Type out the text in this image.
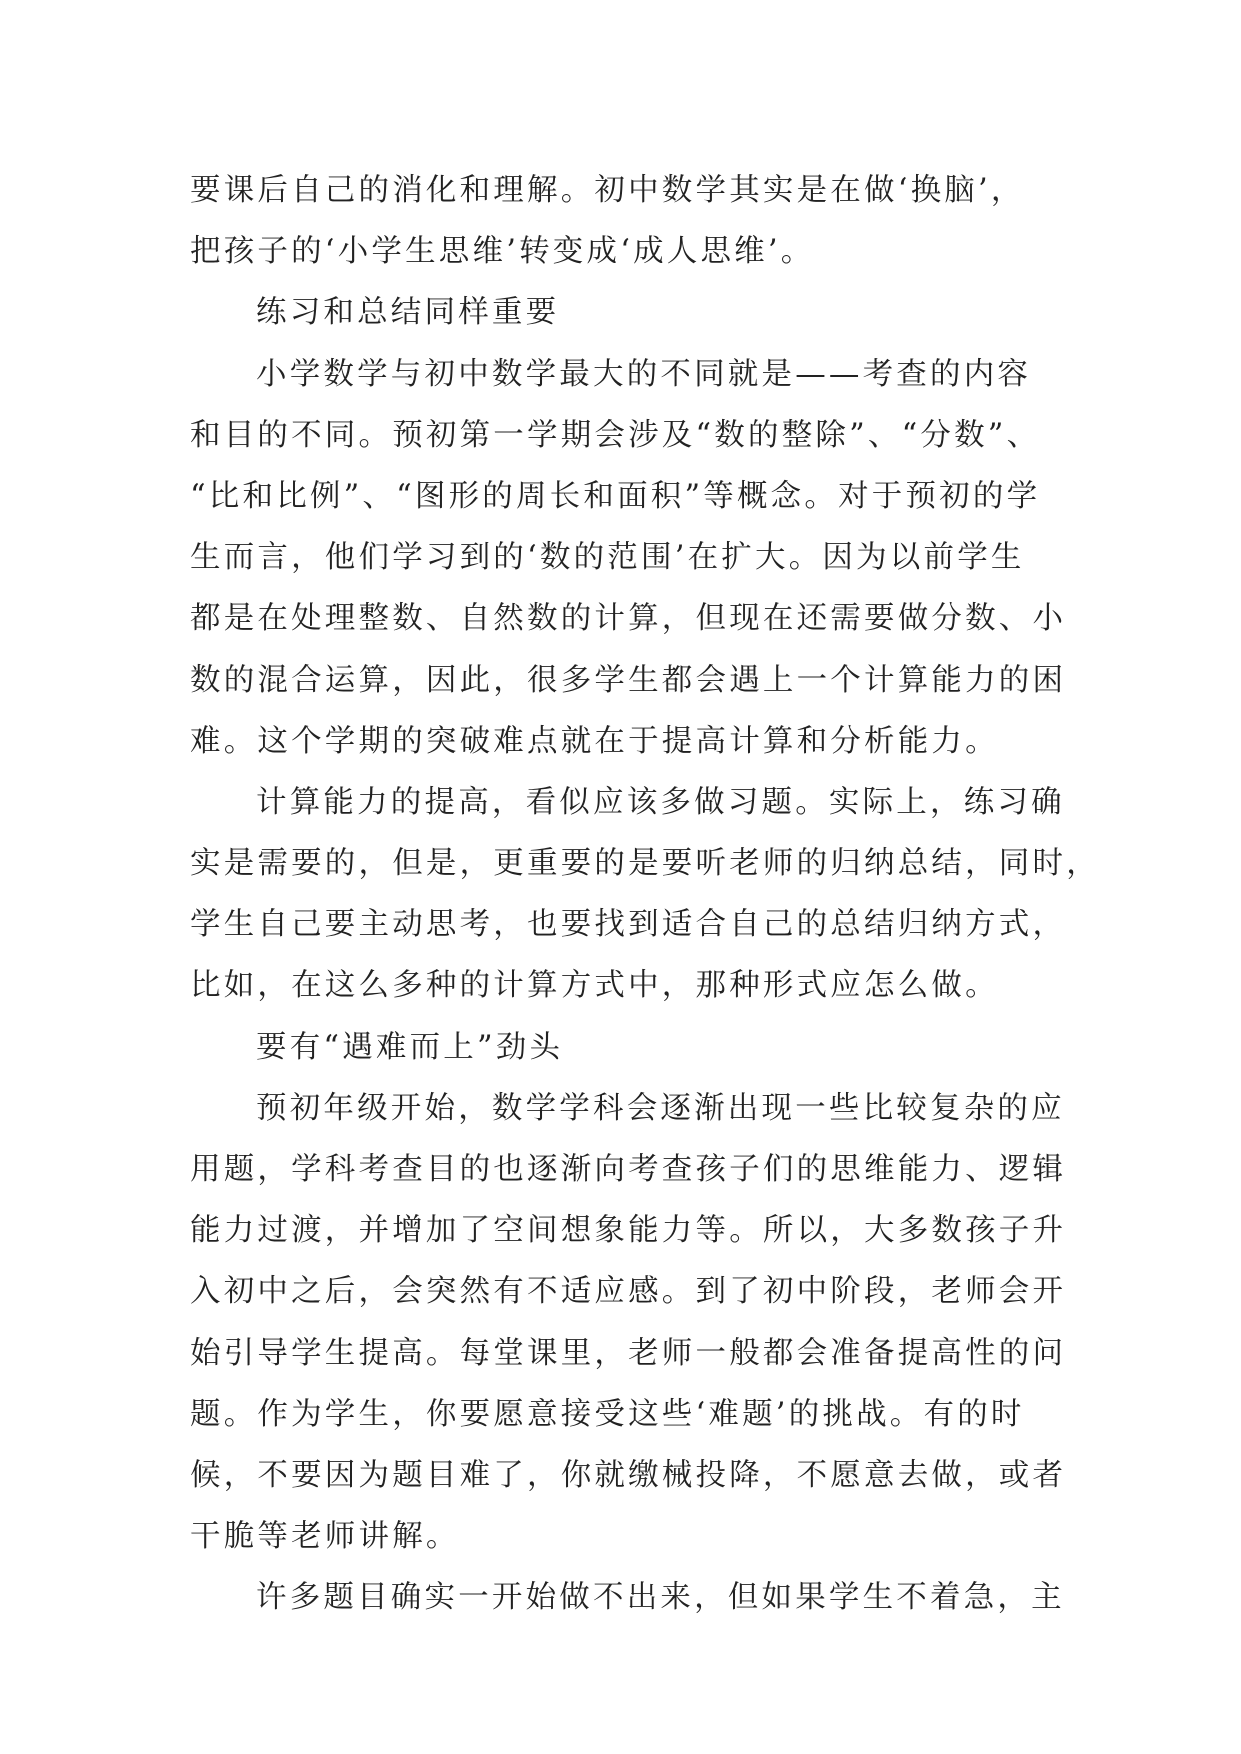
要课后自己的消化和理解。初中数学其实是在做‘换脑’，
把孩子的‘小学生思维’转变成‘成人思维’。
练习和总结同样重要
小学数学与初中数学最大的不同就是——考查的内容
和目的不同。预初第一学期会涉及“数的整除”、“分数”、
“比和比例”、“图形的周长和面积”等概念。对于预初的学
生而言，他们学习到的‘数的范围’在扩大。因为以前学生
都是在处理整数、自然数的计算，但现在还需要做分数、小
数的混合运算，因此，很多学生都会遇上一个计算能力的困
难。这个学期的突破难点就在于提高计算和分析能力。
计算能力的提高，看似应该多做习题。实际上，练习确
实是需要的，但是，更重要的是要听老师的归纳总结，同时，
学生自己要主动思考，也要找到适合自己的总结归纳方式，
比如，在这么多种的计算方式中，那种形式应怎么做。
要有“遇难而上”劲头
预初年级开始，数学学科会逐渐出现一些比较复杂的应
用题，学科考查目的也逐渐向考查孩子们的思维能力、逻辑
能力过渡，并增加了空间想象能力等。所以，大多数孩子升
入初中之后，会突然有不适应感。到了初中阶段，老师会开
始引导学生提高。每堂课里，老师一般都会准备提高性的问
题。作为学生，你要愿意接受这些‘难题’的挑战。有的时
候，不要因为题目难了，你就缴械投降，不愿意去做，或者
干脆等老师讲解。
许多题目确实一开始做不出来，但如果学生不着急，主
